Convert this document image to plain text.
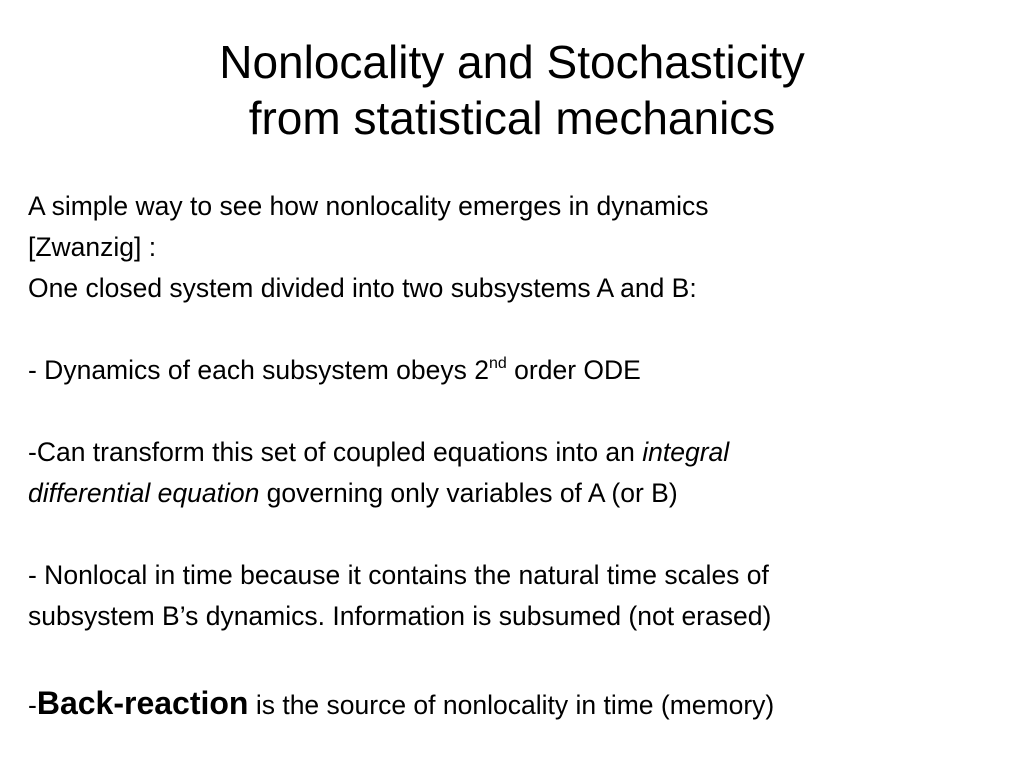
Nonlocality and Stochasticity
from statistical mechanics
A simple way to see how nonlocality emerges in dynamics
[Zwanzig] :
One closed system divided into two subsystems A and B:
- Dynamics of each subsystem obeys 2nd order ODE
-Can transform this set of coupled equations into an integral
differential equation governing only variables of A (or B)
- Nonlocal in time because it contains the natural time scales of
subsystem B’s dynamics. Information is subsumed (not erased)
-Back-reaction is the source of nonlocality in time (memory)
